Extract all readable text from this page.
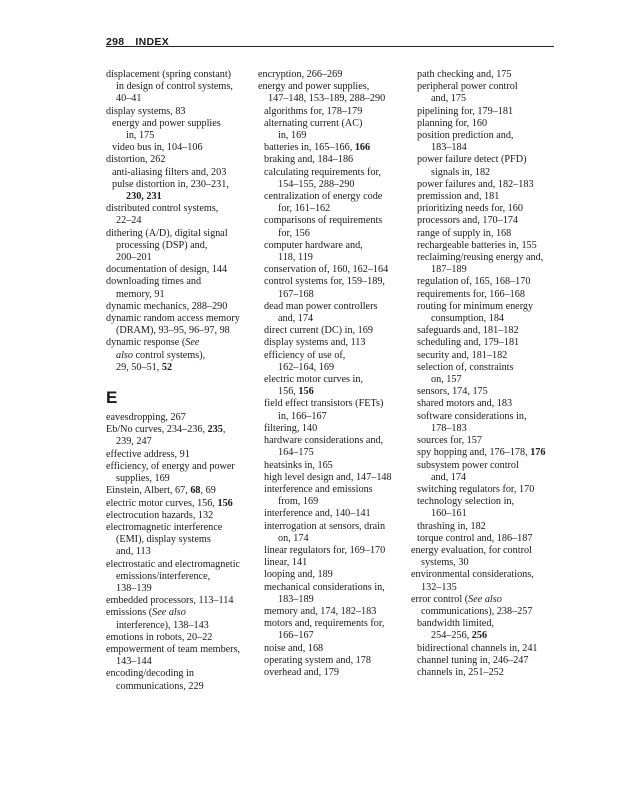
298 INDEX
displacement (spring constant)
in design of control systems,
40–41
display systems, 83
energy and power supplies
in, 175
video bus in, 104–106
distortion, 262
anti-aliasing filters and, 203
pulse distortion in, 230–231,
230, 231
distributed control systems,
22–24
dithering (A/D), digital signal
processing (DSP) and,
200–201
documentation of design, 144
downloading times and
memory, 91
dynamic mechanics, 288–290
dynamic random access memory
(DRAM), 93–95, 96–97, 98
dynamic response (See
also control systems),
29, 50–51, 52
E
eavesdropping, 267
Eb/No curves, 234–236, 235,
239, 247
effective address, 91
efficiency, of energy and power
supplies, 169
Einstein, Albert, 67, 68, 69
electric motor curves, 156, 156
electrocution hazards, 132
electromagnetic interference
(EMI), display systems
and, 113
electrostatic and electromagnetic
emissions/interference,
138–139
embedded processors, 113–114
emissions (See also
interference), 138–143
emotions in robots, 20–22
empowerment of team members,
143–144
encoding/decoding in
communications, 229
encryption, 266–269
energy and power supplies,
147–148, 153–189, 288–290
algorithms for, 178–179
alternating current (AC)
in, 169
batteries in, 165–166, 166
braking and, 184–186
calculating requirements for,
154–155, 288–290
centralization of energy code
for, 161–162
comparisons of requirements
for, 156
computer hardware and,
118, 119
conservation of, 160, 162–164
control systems for, 159–189,
167–168
dead man power controllers
and, 174
direct current (DC) in, 169
display systems and, 113
efficiency of use of,
162–164, 169
electric motor curves in,
156, 156
field effect transistors (FETs)
in, 166–167
filtering, 140
hardware considerations and,
164–175
heatsinks in, 165
high level design and, 147–148
interference and emissions
from, 169
interference and, 140–141
interrogation at sensors, drain
on, 174
linear regulators for, 169–170
linear, 141
looping and, 189
mechanical considerations in,
183–189
memory and, 174, 182–183
motors and, requirements for,
166–167
noise and, 168
operating system and, 178
overhead and, 179
path checking and, 175
peripheral power control
and, 175
pipelining for, 179–181
planning for, 160
position prediction and,
183–184
power failure detect (PFD)
signals in, 182
power failures and, 182–183
premission and, 181
prioritizing needs for, 160
processors and, 170–174
range of supply in, 168
rechargeable batteries in, 155
reclaiming/reusing energy and,
187–189
regulation of, 165, 168–170
requirements for, 166–168
routing for minimum energy
consumption, 184
safeguards and, 181–182
scheduling and, 179–181
security and, 181–182
selection of, constraints
on, 157
sensors, 174, 175
shared motors and, 183
software considerations in,
178–183
sources for, 157
spy hopping and, 176–178, 176
subsystem power control
and, 174
switching regulators for, 170
technology selection in,
160–161
thrashing in, 182
torque control and, 186–187
energy evaluation, for control
systems, 30
environmental considerations,
132–135
error control (See also
communications), 238–257
bandwidth limited,
254–256, 256
bidirectional channels in, 241
channel tuning in, 246–247
channels in, 251–252
